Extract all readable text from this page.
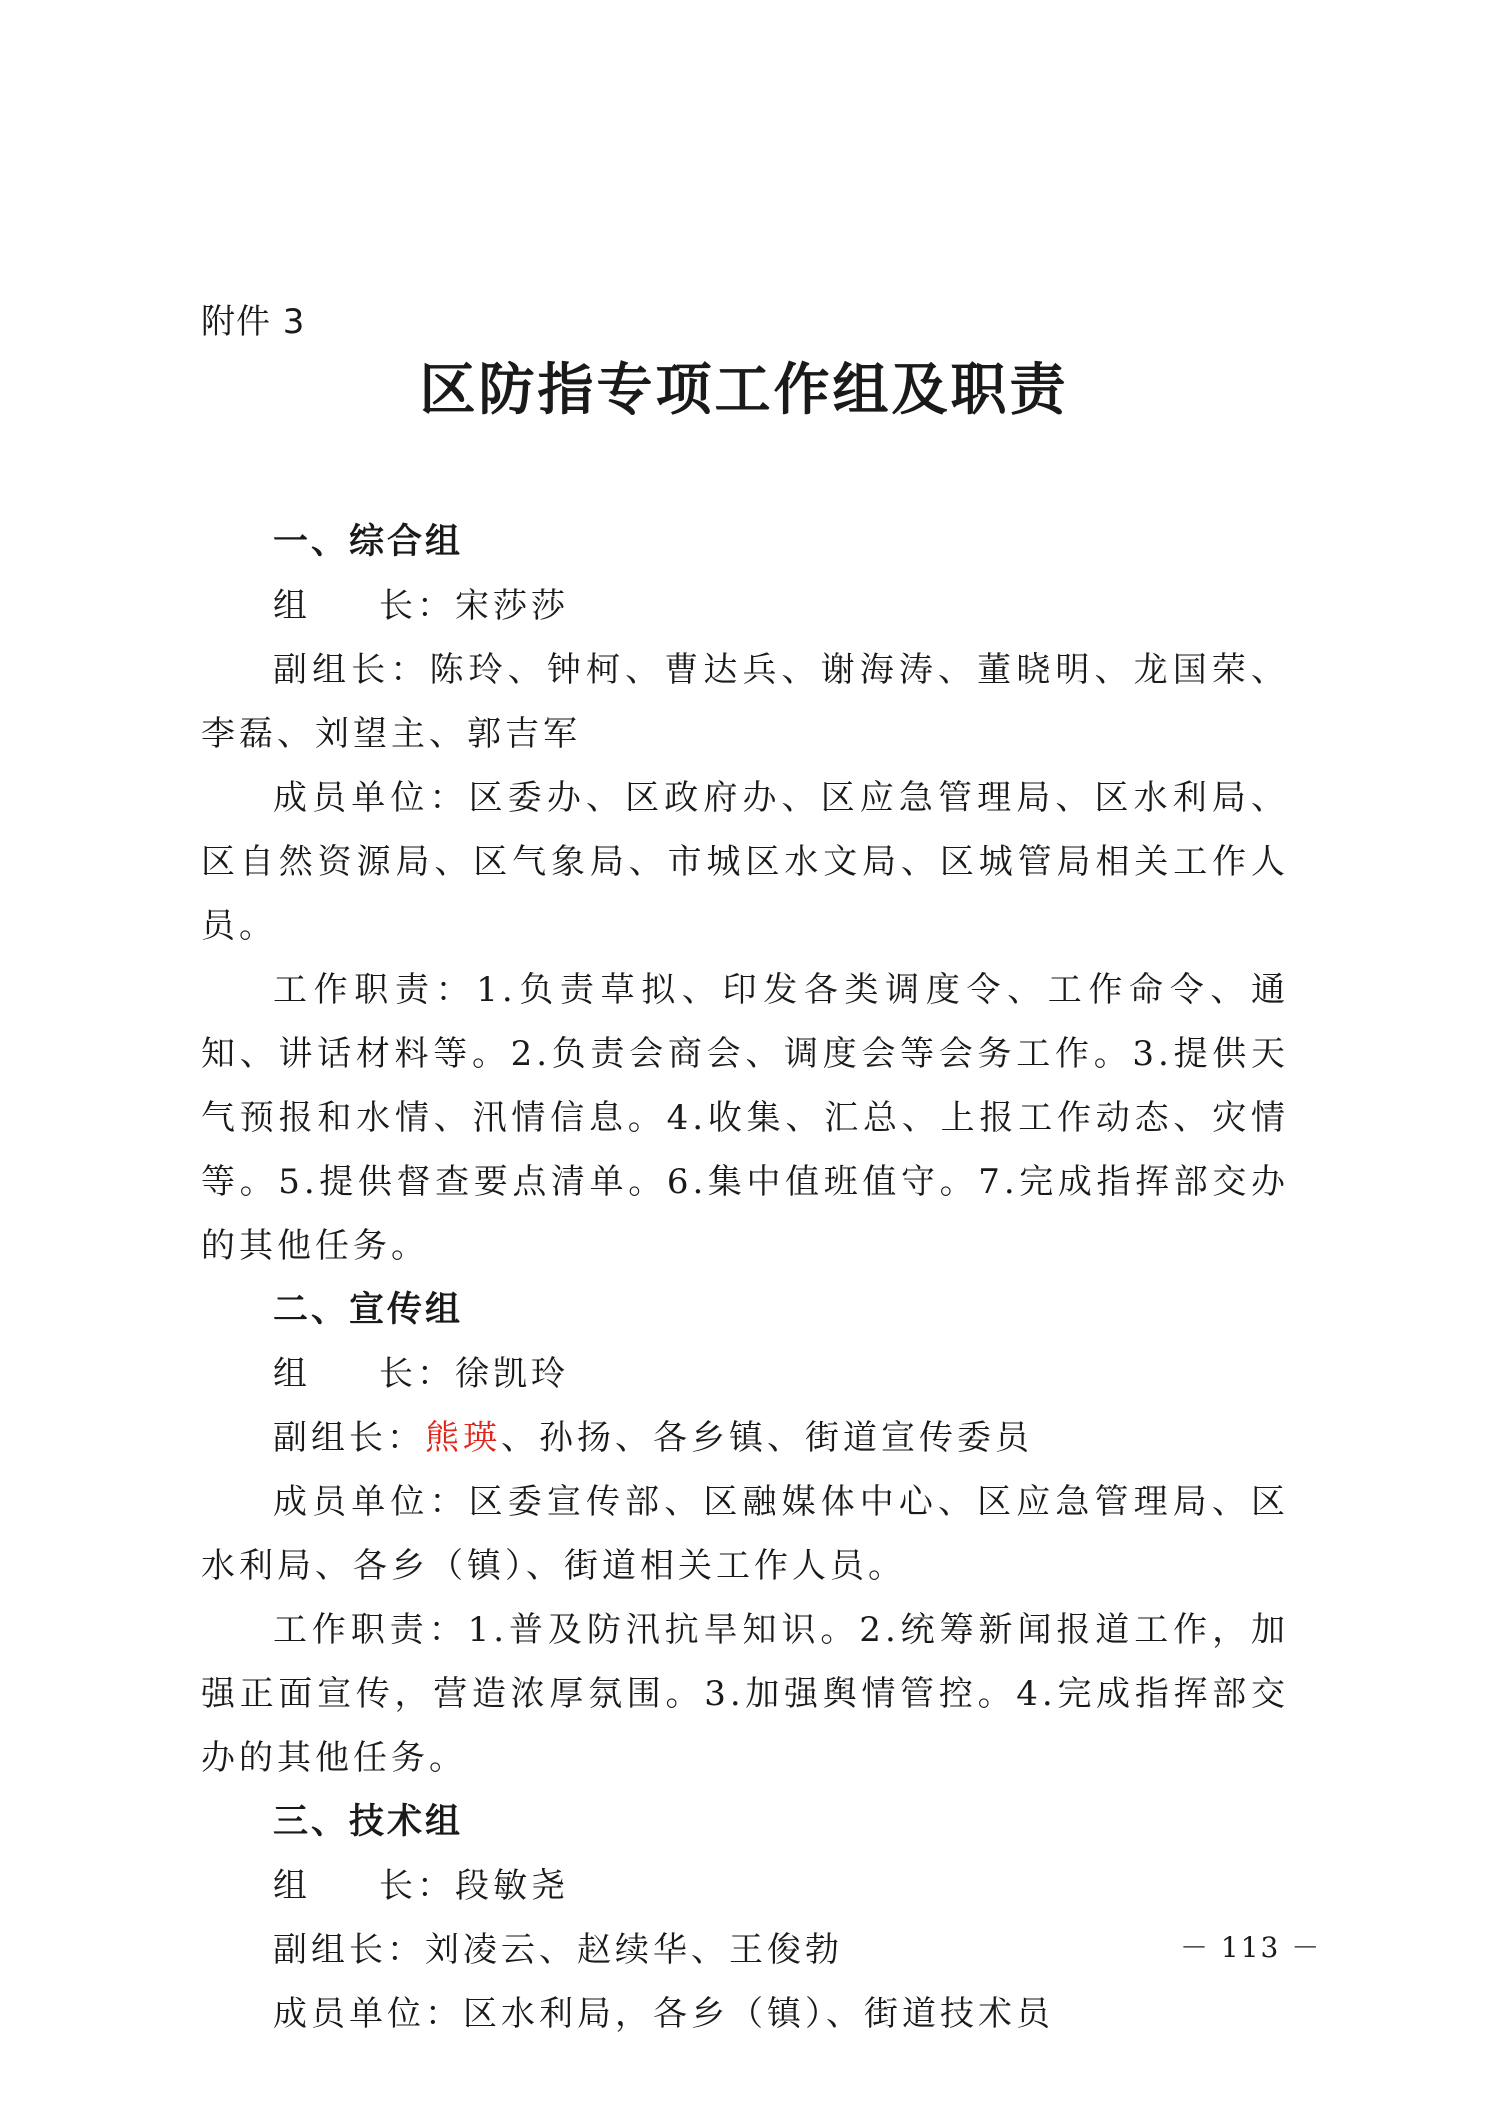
附件 3
区防指专项工作组及职责
一、综合组
组 长：宋莎莎

副组长：陈玲、钟柯、曹达兵、谢海涛、董晓明、龙国荣、李磊、刘望主、郭吉军

成员单位：区委办、区政府办、区应急管理局、区水利局、区自然资源局、区气象局、市城区水文局、区城管局相关工作人员。

工作职责：1.负责草拟、印发各类调度令、工作命令、通知、讲话材料等。2.负责会商会、调度会等会务工作。3.提供天气预报和水情、汛情信息。4.收集、汇总、上报工作动态、灾情等。5.提供督查要点清单。6.集中值班值守。7.完成指挥部交办的其他任务。

二、宣传组
组 长：徐凯玲

副组长：熊瑛、孙扬、各乡镇、街道宣传委员

成员单位：区委宣传部、区融媒体中心、区应急管理局、区水利局、各乡（镇）、街道相关工作人员。

工作职责：1.普及防汛抗旱知识。2.统筹新闻报道工作，加强正面宣传，营造浓厚氛围。3.加强舆情管控。4.完成指挥部交办的其他任务。

三、技术组
组 长：段敏尧

副组长：刘凌云、赵续华、王俊勃

成员单位：区水利局，各乡（镇）、街道技术员

－ 113 －
